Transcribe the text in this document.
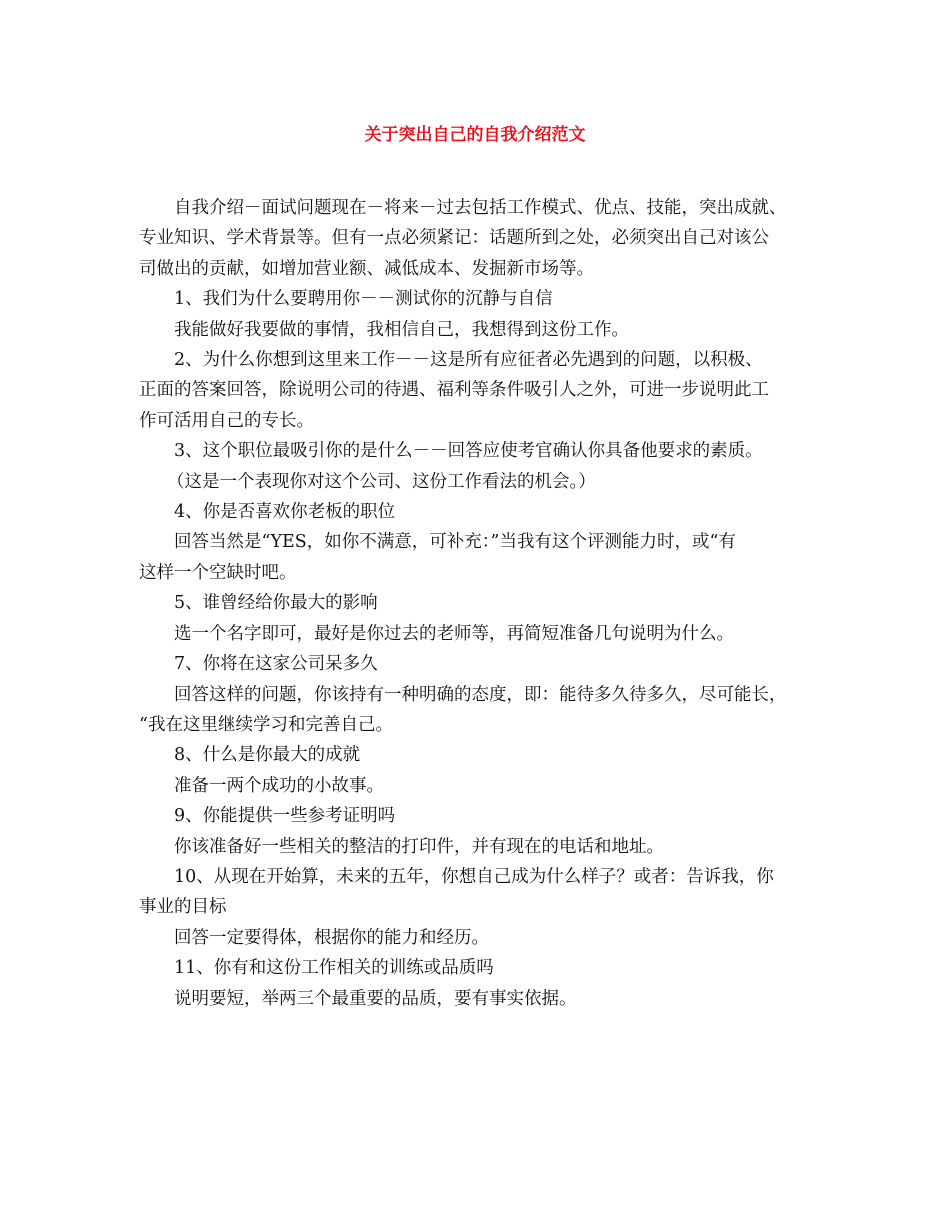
关于突出自己的自我介绍范文
自我介绍－面试问题现在－将来－过去包括工作模式、优点、技能，突出成就、
专业知识、学术背景等。但有一点必须紧记：话题所到之处，必须突出自己对该公
司做出的贡献，如增加营业额、减低成本、发掘新市场等。
1、我们为什么要聘用你－－测试你的沉静与自信
我能做好我要做的事情，我相信自己，我想得到这份工作。
2、为什么你想到这里来工作－－这是所有应征者必先遇到的问题，以积极、
正面的答案回答，除说明公司的待遇、福利等条件吸引人之外，可进一步说明此工
作可活用自己的专长。
3、这个职位最吸引你的是什么－－回答应使考官确认你具备他要求的素质。
（这是一个表现你对这个公司、这份工作看法的机会。）
4、你是否喜欢你老板的职位
回答当然是“YES，如你不满意，可补充：”当我有这个评测能力时，或“有
这样一个空缺时吧。
5、谁曾经给你最大的影响
选一个名字即可，最好是你过去的老师等，再简短准备几句说明为什么。
7、你将在这家公司呆多久
回答这样的问题，你该持有一种明确的态度，即：能待多久待多久，尽可能长，
“我在这里继续学习和完善自己。
8、什么是你最大的成就
准备一两个成功的小故事。
9、你能提供一些参考证明吗
你该准备好一些相关的整洁的打印件，并有现在的电话和地址。
10、从现在开始算，未来的五年，你想自己成为什么样子？或者：告诉我，你
事业的目标
回答一定要得体，根据你的能力和经历。
11、你有和这份工作相关的训练或品质吗
说明要短，举两三个最重要的品质，要有事实依据。
